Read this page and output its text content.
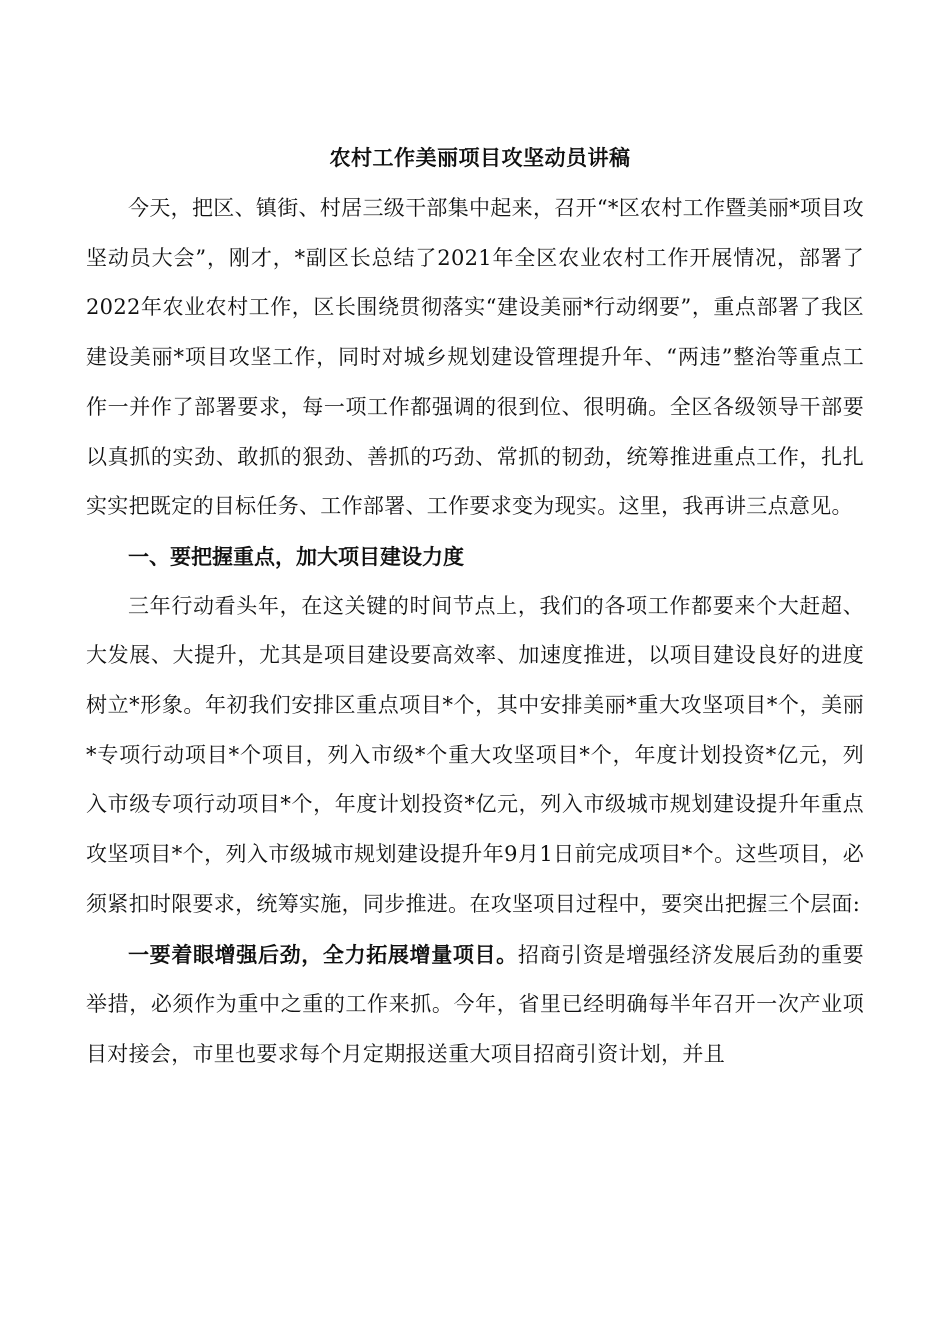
农村工作美丽项目攻坚动员讲稿

今天，把区、镇街、村居三级干部集中起来，召开“*区农村工作暨美丽*项目攻坚动员大会”，刚才，*副区长总结了2021年全区农业农村工作开展情况，部署了2022年农业农村工作，区长围绕贯彻落实“建设美丽*行动纲要”，重点部署了我区建设美丽*项目攻坚工作，同时对城乡规划建设管理提升年、“两违”整治等重点工作一并作了部署要求，每一项工作都强调的很到位、很明确。全区各级领导干部要以真抓的实劲、敢抓的狠劲、善抓的巧劲、常抓的韧劲，统筹推进重点工作，扎扎实实把既定的目标任务、工作部署、工作要求变为现实。这里，我再讲三点意见。

一、要把握重点，加大项目建设力度

三年行动看头年，在这关键的时间节点上，我们的各项工作都要来个大赶超、大发展、大提升，尤其是项目建设要高效率、加速度推进，以项目建设良好的进度树立*形象。年初我们安排区重点项目*个，其中安排美丽*重大攻坚项目*个，美丽*专项行动项目*个项目，列入市级*个重大攻坚项目*个，年度计划投资*亿元，列入市级专项行动项目*个，年度计划投资*亿元，列入市级城市规划建设提升年重点攻坚项目*个，列入市级城市规划建设提升年9月1日前完成项目*个。这些项目，必须紧扣时限要求，统筹实施，同步推进。在攻坚项目过程中，要突出把握三个层面:

一要着眼增强后劲，全力拓展增量项目。招商引资是增强经济发展后劲的重要举措，必须作为重中之重的工作来抓。今年，省里已经明确每半年召开一次产业项目对接会，市里也要求每个月定期报送重大项目招商引资计划，并且
